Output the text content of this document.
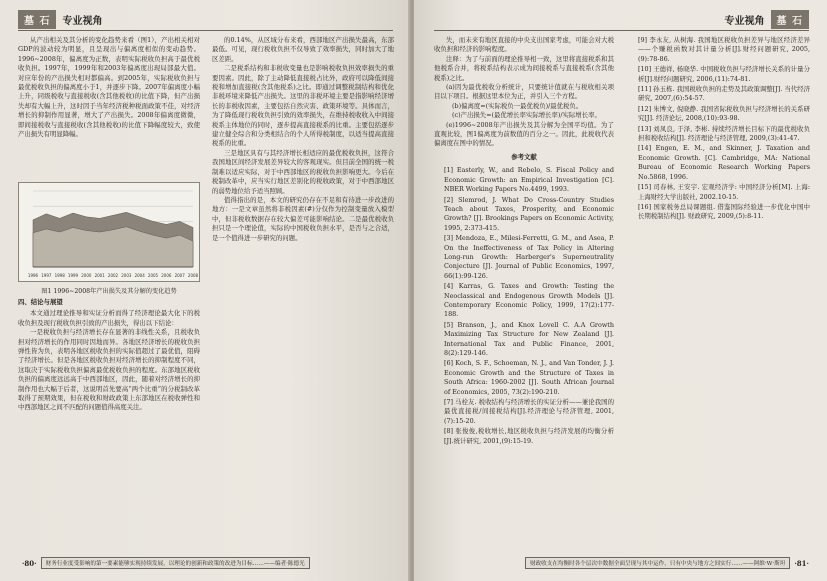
墓 石	专业视角

从产出相关及其分析的变化趋势来看（图1），产出相关相对GDP的波动较为明显，且呈现出与偏离度相似的变动趋势。1996~2008年，偏离度为正数，表明实际税收负担高于最优税收负担。1997年，1999年和2003年偏离度出现局部最大值。对应年份的产出损失相对都偏高。到2005年，实际税收负担与最优税收负担的偏离度小于1，并逐步下降。2007年偏离度小幅上升，同级税收与直接税收(含其他税收)的比值下降，但产出损失却有大幅上升，这时因于当年经济税种税面政策不佳，对经济增长的抑制作用显著，增大了产出损失。2008年偏离度微微，即间接税收与直接税收(含其他税收)的比值下降幅度较大，致使产出损失有明显降幅。

1996 1997 1998 1999 2000 2001 2002 2003 2004 2005 2006 2007 2008
图1 1996~2008年产出损失及其分解的变化趋势

四、结论与展望

本文通过理论推导和实证分析而得了经济理论最大化下的税收负担及现行税收负担引致的产出损失，得出以下结论：

一是税收负担与经济增长存在显著的非线性关系，且税收负担对经济增长的作用同时因地而异。各地区经济增长的税收负担弹性皆为负，表明各地区税收负担的实际值超过了最优值，阻碍了经济增长。但是各地区税收负担对经济增长的抑制程度不同，这取决于实际税收负担偏离最优税收负担的程度。东部地区税收负担的偏离度远远高于中西部地区，因此，随着对经济增长的抑制作用也大幅于后者，这说明首先要高“两个比重”的分税制改革取得了预期效果，但在税收和财政政策上东部地区在税收弹性和中西部地区之间不匹配的问题值得高度关注。

的0.14%，从区域分布来看，西部地区产出损失最高，东部最低。可见，现行税收负担不仅导致了效率损失，同时加大了地区差距。

二是税系结构和非税收变量也是影响税收负担效率损失的重要因素。因此，除了主动降低直接税占比外，政府可以降低间接税和增加直接税(含其他税系)之比。即通过调整税制结构和优化非税环境来降低产出损失。这里的非税环境主要是指影响经济增长的非税收因素，主要包括自然灾害、政策环境等。具体而言，为了降低现行税收负担引致的效率损失，在维持税收收入中间接税系主体地位的同时，逐步提高直接税系的比重。主要包括逐步建立健全综合和分类相结合的个人所得税制度，以适当提高直接税系的比重。

三是地区具有与其经济增长相适应的最优税收负担，这符合我国地区间经济发展差异较大的客观现实。但目前全国的统一税制难以适应实际，对于中西部地区的税收负担影响更大。今后在税制改革中，应当实行地区差别化的税收政策，对于中西部地区的弱势地位给予适当照顾。

值得指出的是，本文的研究仍存在不足和有待进一步改进的地方：一是文章虽然将非税因素(#)分仅作为控制变量放入模型中，但非税收数据存在较大偏差可能影响结论。二是最优税收负担只是一个理论值，实际的中国税收负担水平，是否与之合适，是一个值得进一步研究的问题。

·80·	财务行业度受影响的第一要素能够实现持续发展，以理论的创新和政策的改进为目标……——编者·陈德光
专业视角	墓 石

失，而未来有地区直接的中央支出国家考虑，可能会对大税收负担和经济的影响程度。

注释：为了与前面的理论推导相一致，这里将直接税系和其他税系合并，将税系结构表示成为间接税系与直接税系(含其他税系)之比。

(a)因为最优税收分析统计，只要统计值就在与税收相关项目以下项目。根据这里本位为正，并引入三个方程。

(b)偏离度=(实际税负一最优税负)/最优税负。

(c)产出损失=(最优增长率实际增长率)/实际增长率。

(e)1996~2008年产出损失及其分解为全国平均值。为了直观比较，图1偏离度为前数值的百分之一。因此，此税收代表偏离度在图中的情况。

参考文献

[1] Easterly, W., and Rebelo, S. Fiscal Policy and Economic Growth: an Empirical Investigation [C]. NBER Working Papers No.4499, 1993.

[2] Slemrod, J. What Do Cross-Country Studies Teach about Taxes, Prosperity, and Economic Growth? [J]. Brookings Papers on Economic Activity, 1995, 2:373-415.

[3] Mendoza, E., Milesi-Ferretti, G. M., and Asea, P. On the Ineffectiveness of Tax Policy in Altering Long-run Growth: Harberger's Superneutrality Conjecture [J]. Journal of Public Economics, 1997, 66(1):99-126.

[4] Karras, G. Taxes and Growth: Testing the Neoclassical and Endogenous Growth Models [J]. Contemporary Economic Policy, 1999, 17(2):177-188.

[5] Branson, J., and Knox Lovell C. A.A Growth Maximizing Tax Structure for New Zealand [J]. International Tax and Public Finance, 2001, 8(2):129-146.

[6] Koch, S. F., Schoeman, N. J., and Van Tonder, J. J. Economic Growth and the Structure of Taxes in South Africa: 1960-2002 [J]. South African Journal of Economics, 2005, 73(2):190-210.

[7] 马栓友. 税收结构与经济增长的实证分析——兼论我国的最优直接税/间接税结构[J].经济理论与经济管理, 2001,(7):15-20.

[8] 张俊俊,税收增长,地区税收负担与经济发展的均衡分析[J].统计研究, 2001,(9):15-19.

[9] 李永友, 从树海. 我国地区税收负担差异与地区经济差异——个赚税函数对其计量分析[J].财经问题研究, 2005,(9):78-86.

[10] 王德祥, 杨晓华. 中国税收负担与经济增长关系的计量分析[J].财经问题研究, 2006,(11):74-81.

[11] 孙玉栋. 我国税收负担的走势及其政策调整[J]. 当代经济研究, 2007,(6):54-57.

[12] 朱博文, 倪晓静. 我国省际税收负担与经济增长的关系研究[J]. 经济论坛, 2008,(10):93-98.

[13] 刘凤良, 于泽, 李彬. 持续经济增长目标下的最优税收负担和税收结构[J]. 经济理论与经济管理, 2009,(3):41-47.

[14] Engen, E. M., and Skinner, J. Taxation and Economic Growth. [C]. Cambridge, MA: National Bureau of Economic Research Working Papers No.5868, 1996.

[15] 司春林, 王安宇. 宏观经济学: 中国经济分析[M]. 上海: 上海财经大学出版社, 2002.10-15.

[16] 国家税务总局课题组. 借鉴国际经验进一步优化中国中长期税制结构[J]. 财政研究, 2009,(5):8-11.

财政收支在均衡时各个层次中数据全面呈现与其中运作，只有中央与地方之间实行……——阿维·W·斯坦	·81·
